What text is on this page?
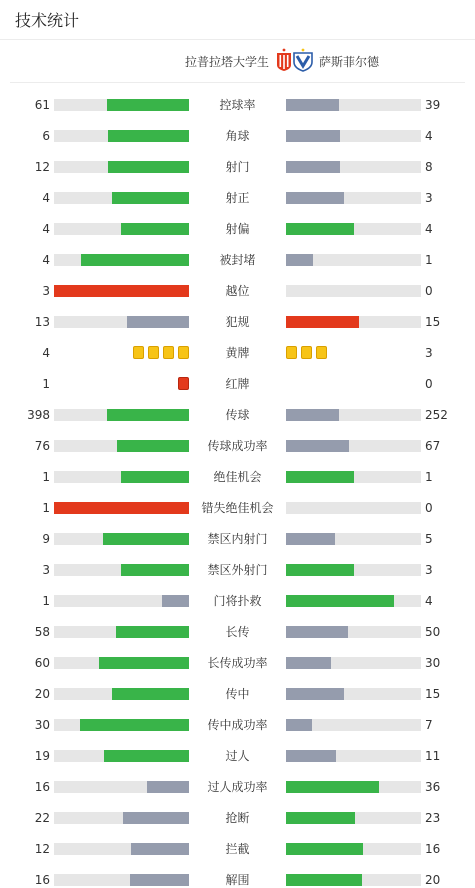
技术统计
拉普拉塔大学生	萨斯菲尔德
61	控球率	39
6	角球	4
12	射门	8
4	射正	3
4	射偏	4
4	被封堵	1
3	越位	0
13	犯规	15
4	黄牌	3
1	红牌	0
398	传球	252
76	传球成功率	67
1	绝佳机会	1
1	错失绝佳机会	0
9	禁区内射门	5
3	禁区外射门	3
1	门将扑救	4
58	长传	50
60	长传成功率	30
20	传中	15
30	传中成功率	7
19	过人	11
16	过人成功率	36
22	抢断	23
12	拦截	16
16	解围	20
